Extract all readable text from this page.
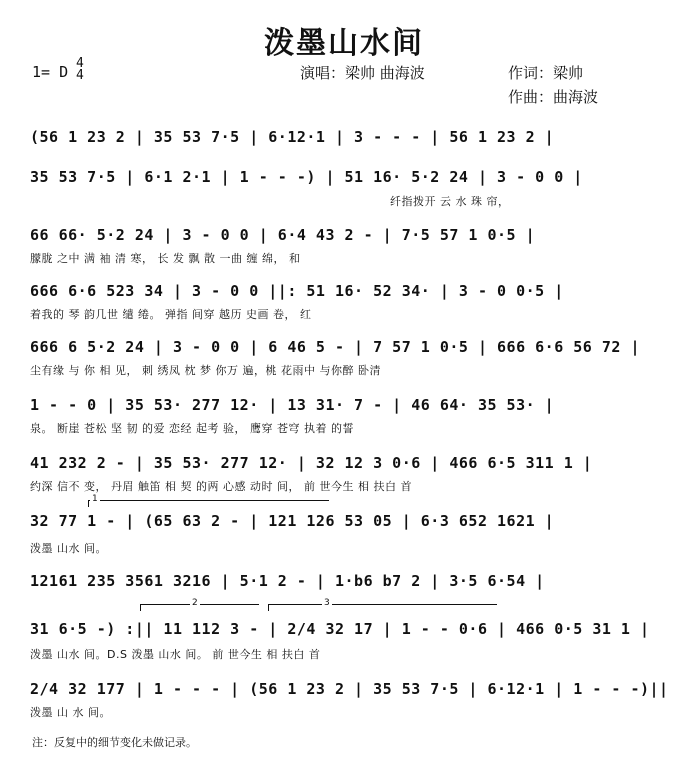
泼墨山水间
演唱：梁帅 曲海波	作词：梁帅
作曲：曲海波
1= D 4
4
(56 1 23 2 | 35 53 7·5 | 6·12·1 | 3 - - - | 56 1 23 2 |
35 53 7·5 | 6·1 2·1 | 1 - - -) | 51 16· 5·2 24 | 3 - 0 0 |
纤指拨开 云 水 珠 帘，
66 66· 5·2 24 | 3 - 0 0 | 6·4 43 2 - | 7·5 57 1 0·5 |
朦胧 之中 满 袖 清 寒， 长 发 飘 散 一曲 缠 绵， 和
666 6·6 523 34 | 3 - 0 0 ||: 51 16· 52 34· | 3 - 0 0·5 |
着我的 琴 韵几世 缱 绻。 弹指 间穿 越历 史画 卷， 红
666 6 5·2 24 | 3 - 0 0 | 6 46 5 - | 7 57 1 0·5 | 666 6·6 56 72 |
尘有缘 与 你 相 见， 刺 绣凤 枕 梦 你万 遍，桃 花雨中 与你醉 卧清
1 - - 0 | 35 53· 277 12· | 13 31· 7 - | 46 64· 35 53· |
泉。 断崖 苍松 坚 韧 的爱 恋经 起考 验， 鹰穿 苍穹 执着 的誓
41 232 2 - | 35 53· 277 12· | 32 12 3 0·6 | 466 6·5 311 1 |
约深 信不 变， 丹眉 触笛 相 契 的两 心感 动时 间， 前 世今生 相 扶白 首
1
32 77 1 - | (65 63 2 - | 121 126 53 05 | 6·3 652 1621 |
泼墨 山水 间。
12161 235 3561 3216 | 5·1 2 - | 1·b6 b7 2 | 3·5 6·54 |
2	3
31 6·5 -) :|| 11 112 3 - | 2/4 32 17 | 1 - - 0·6 | 466 0·5 31 1 |
泼墨 山水 间。D.S 泼墨 山水 间。 前 世今生 相 扶白 首
2/4 32 177 | 1 - - - | (56 1 23 2 | 35 53 7·5 | 6·12·1 | 1 - - -)||
泼墨 山 水 间。
注：反复中的细节变化未做记录。
